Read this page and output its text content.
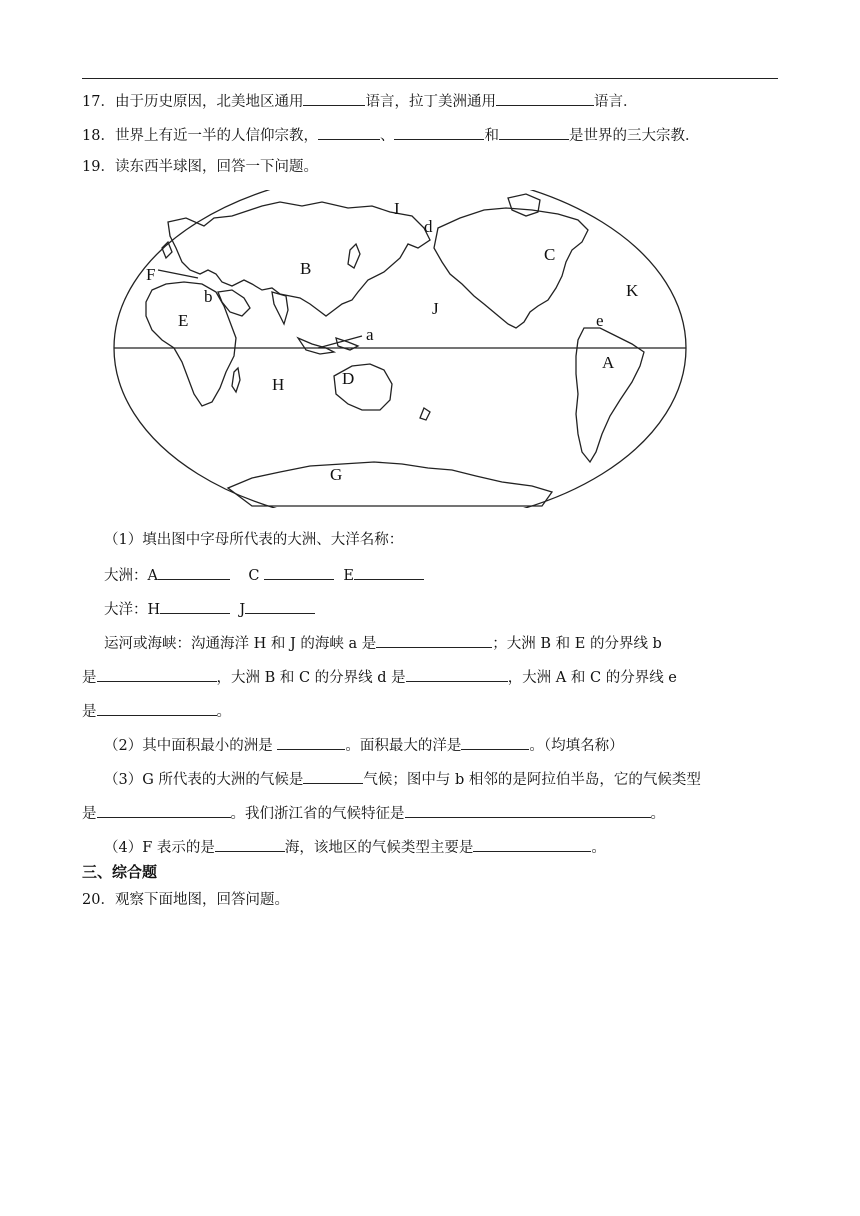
17．由于历史原因，北美地区通用	语言，拉丁美洲通用	语言．
18．世界上有近一半的人信仰宗教，	、	和	是世界的三大宗教．
19．读东西半球图，回答一下问题。
I
d
C
K
e
F	B
b
E
J
a
A
H	D
G
（1）填出图中字母所代表的大洲、大洋名称：
大洲：A	C	E
大洋：H	J
运河或海峡：沟通海洋 H 和 J 的海峡 a 是	；大洲 B 和 E 的分界线 b
是	，大洲 B 和 C 的分界线 d 是	，大洲 A 和 C 的分界线 e
是	。
（2）其中面积最小的洲是	。面积最大的洋是	。（均填名称）
（3）G 所代表的大洲的气候是	气候；图中与 b 相邻的是阿拉伯半岛，它的气候类型
是	。我们浙江省的气候特征是	。
（4）F 表示的是	海，该地区的气候类型主要是	。
三、综合题
20．观察下面地图，回答问题。
